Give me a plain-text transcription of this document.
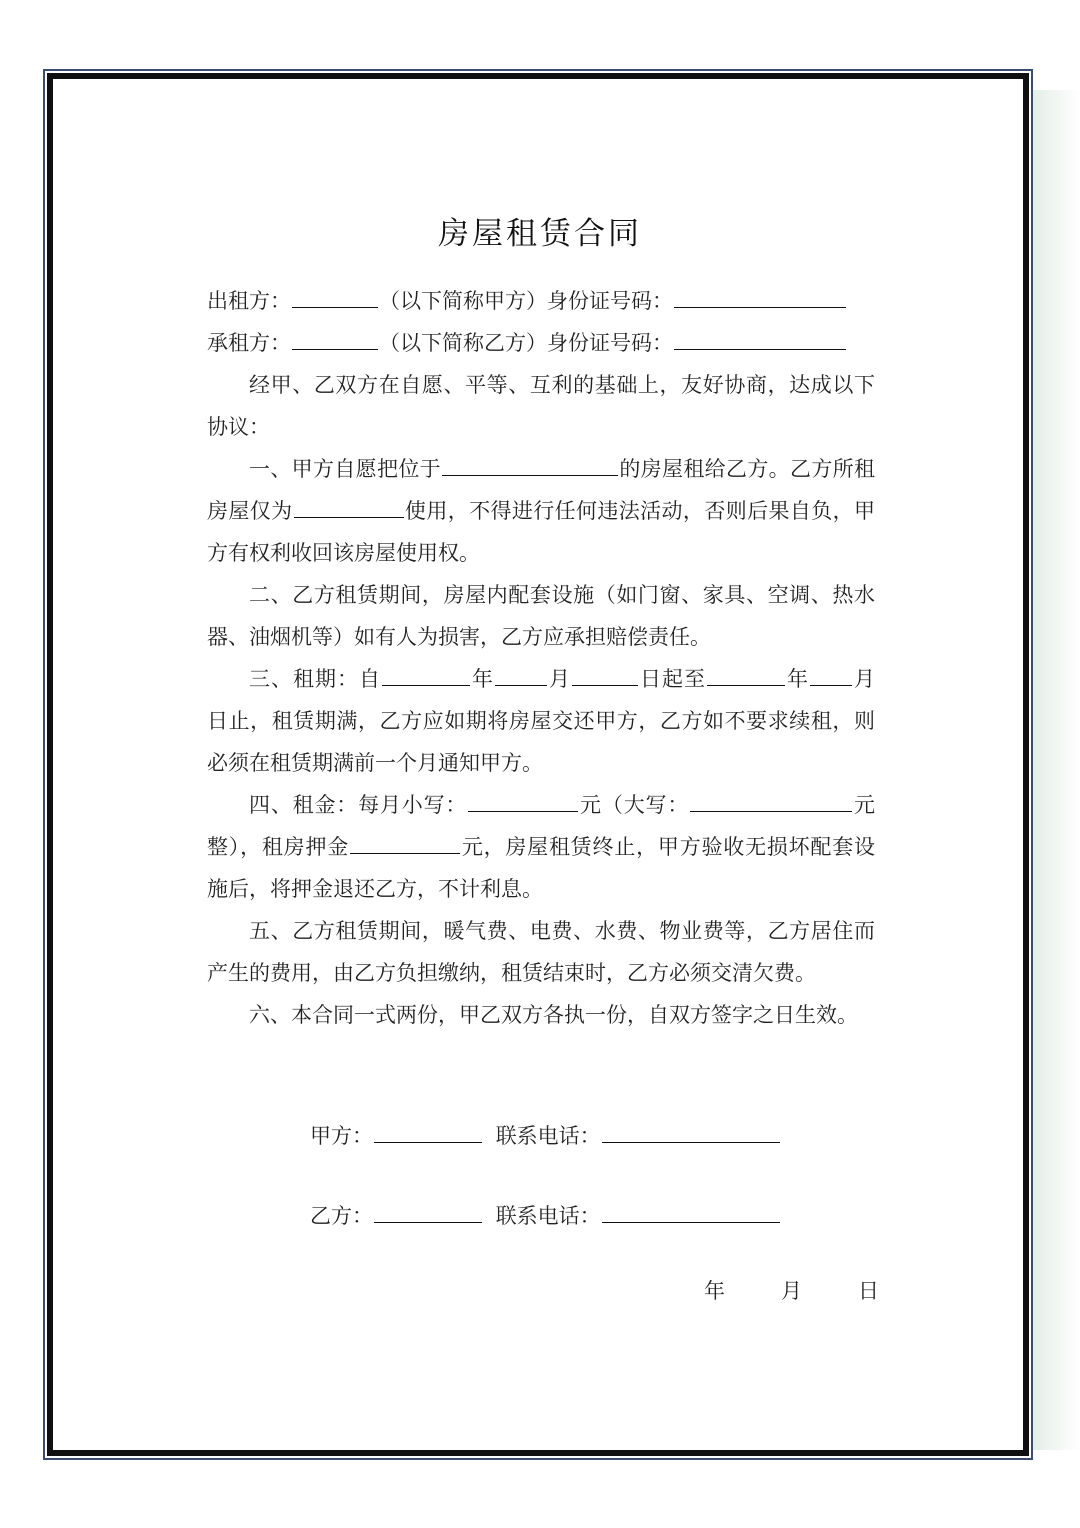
房屋租赁合同

出租方：	（以下简称甲方）身份证号码：

承租方：	（以下简称乙方）身份证号码：

经甲、乙双方在自愿、平等、互利的基础上，友好协商，达成以下协议：

一、甲方自愿把位于	的房屋租给乙方。乙方所租房屋仅为	使用，不得进行任何违法活动，否则后果自负，甲方有权利收回该房屋使用权。

二、乙方租赁期间，房屋内配套设施（如门窗、家具、空调、热水器、油烟机等）如有人为损害，乙方应承担赔偿责任。

三、租期：自	年	月	日起至	年 月日止，租赁期满，乙方应如期将房屋交还甲方，乙方如不要求续租，则必须在租赁期满前一个月通知甲方。

四、租金：每月小写：	元（大写：	元整），租房押金	元，房屋租赁终止，甲方验收无损坏配套设施后，将押金退还乙方，不计利息。

五、乙方租赁期间，暖气费、电费、水费、物业费等，乙方居住而产生的费用，由乙方负担缴纳，租赁结束时，乙方必须交清欠费。

六、本合同一式两份，甲乙双方各执一份，自双方签字之日生效。

甲方：	联系电话：
乙方：	联系电话：
年	月	日
